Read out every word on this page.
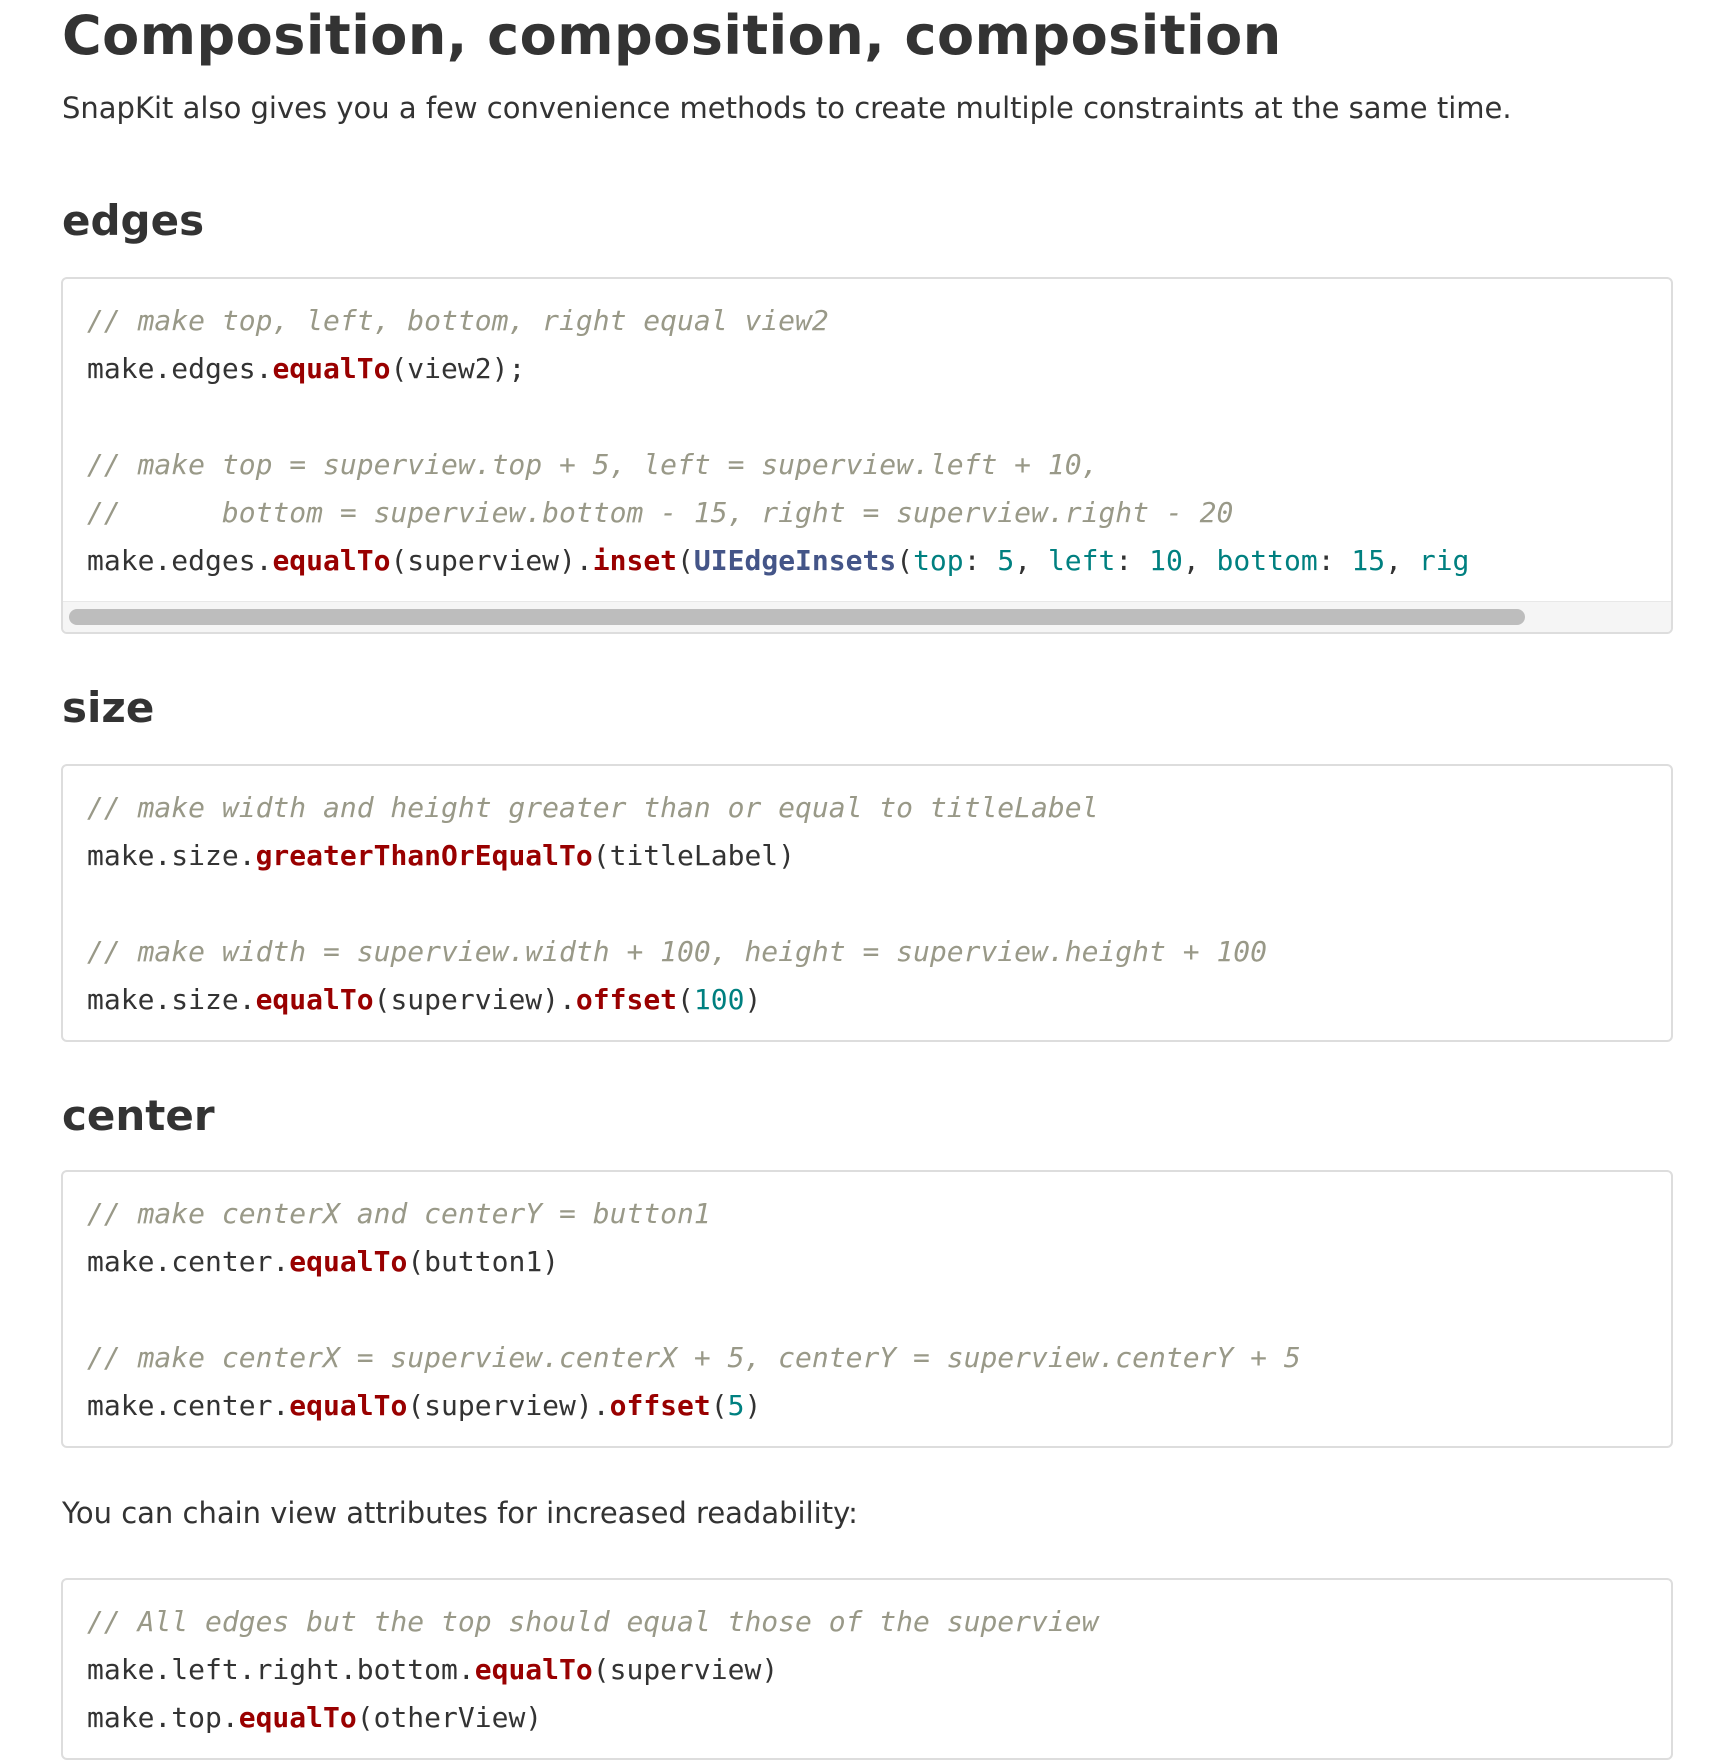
Composition, composition, composition

SnapKit also gives you a few convenience methods to create multiple constraints at the same time.

edges
// make top, left, bottom, right equal view2
make.edges.equalTo(view2);
// make top = superview.top + 5, left = superview.left + 10,
//      bottom = superview.bottom - 15, right = superview.right - 20
make.edges.equalTo(superview).inset(UIEdgeInsets(top: 5, left: 10, bottom: 15, rig
size
// make width and height greater than or equal to titleLabel
make.size.greaterThanOrEqualTo(titleLabel)
// make width = superview.width + 100, height = superview.height + 100
make.size.equalTo(superview).offset(100)
center
// make centerX and centerY = button1
make.center.equalTo(button1)
// make centerX = superview.centerX + 5, centerY = superview.centerY + 5
make.center.equalTo(superview).offset(5)

You can chain view attributes for increased readability:

// All edges but the top should equal those of the superview
make.left.right.bottom.equalTo(superview)
make.top.equalTo(otherView)
